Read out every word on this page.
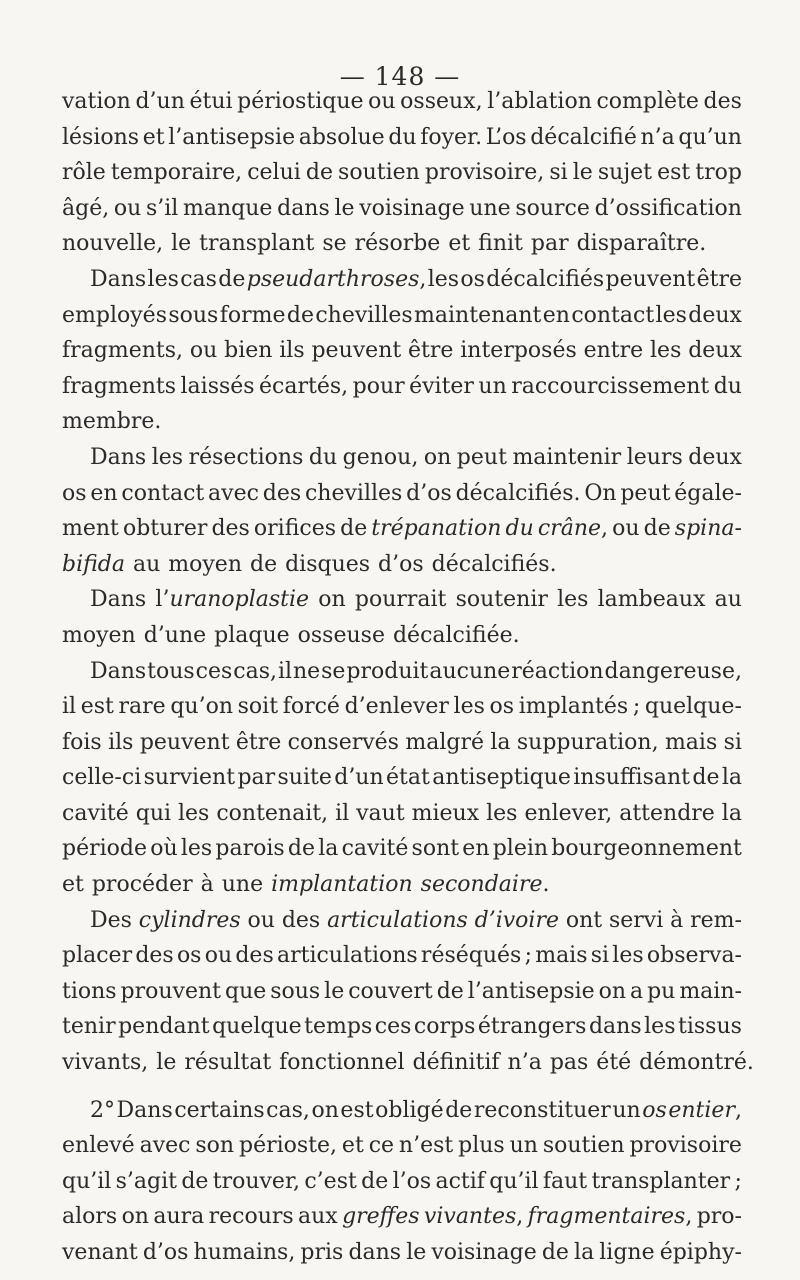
— 148 —
vation d’un étui périostique ou osseux, l’ablation complète des
lésions et l’antisepsie absolue du foyer. L’os décalcifié n’a qu’un
rôle temporaire, celui de soutien provisoire, si le sujet est trop
âgé, ou s’il manque dans le voisinage une source d’ossification
nouvelle, le transplant se résorbe et finit par disparaître.
Dans les cas de pseudarthroses, les os décalcifiés peuvent être
employés sous forme de chevilles maintenant en contact les deux
fragments, ou bien ils peuvent être interposés entre les deux
fragments laissés écartés, pour éviter un raccourcissement du
membre.
Dans les résections du genou, on peut maintenir leurs deux
os en contact avec des chevilles d’os décalcifiés. On peut égale-
ment obturer des orifices de trépanation du crâne, ou de spina-
bifida au moyen de disques d’os décalcifiés.
Dans l’uranoplastie on pourrait soutenir les lambeaux au
moyen d’une plaque osseuse décalcifiée.
Dans tous ces cas, il ne se produit aucune réaction dangereuse,
il est rare qu’on soit forcé d’enlever les os implantés ; quelque-
fois ils peuvent être conservés malgré la suppuration, mais si
celle-ci survient par suite d’un état antiseptique insuffisant de la
cavité qui les contenait, il vaut mieux les enlever, attendre la
période où les parois de la cavité sont en plein bourgeonnement
et procéder à une implantation secondaire.
Des cylindres ou des articulations d’ivoire ont servi à rem-
placer des os ou des articulations réséqués ; mais si les observa-
tions prouvent que sous le couvert de l’antisepsie on a pu main-
tenir pendant quelque temps ces corps étrangers dans les tissus
vivants, le résultat fonctionnel définitif n’a pas été démontré.
2° Dans certains cas, on est obligé de reconstituer un os entier,
enlevé avec son périoste, et ce n’est plus un soutien provisoire
qu’il s’agit de trouver, c’est de l’os actif qu’il faut transplanter ;
alors on aura recours aux greffes vivantes, fragmentaires, pro-
venant d’os humains, pris dans le voisinage de la ligne épiphy-
